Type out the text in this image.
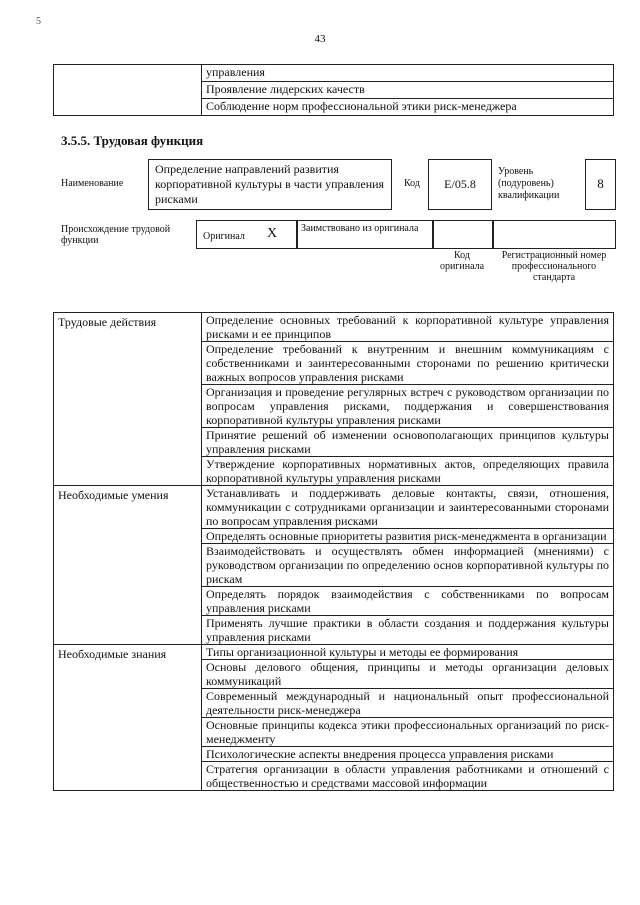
5
43
	управления
Проявление лидерских качеств
Соблюдение норм профессиональной этики риск-менеджера
3.5.5. Трудовая функция
Наименование
Определение направлений развития корпоративной культуры в части управления рисками
Код	E/05.8
Уровень (подуровень) квалификации
8
Происхождение трудовой функции	Оригинал X Заимствовано из оригинала
Код оригинала
Регистрационный номер профессионального стандарта
Трудовые действия	Определение основных требований к корпоративной культуре управления рисками и ее принципов
	Определение требований к внутренним и внешним коммуникациям с собственниками и заинтересованными сторонами по решению критически важных вопросов управления рисками
	Организация и проведение регулярных встреч с руководством организации по вопросам управления рисками, поддержания и совершенствования корпоративной культуры управления рисками
	Принятие решений об изменении основополагающих принципов культуры управления рисками
	Утверждение корпоративных нормативных актов, определяющих правила корпоративной культуры управления рисками
Необходимые умения	Устанавливать и поддерживать деловые контакты, связи, отношения, коммуникации с сотрудниками организации и заинтересованными сторонами по вопросам управления рисками
	Определять основные приоритеты развития риск-менеджмента в организации
	Взаимодействовать и осуществлять обмен информацией (мнениями) с руководством организации по определению основ корпоративной культуры по рискам
	Определять порядок взаимодействия с собственниками по вопросам управления рисками
	Применять лучшие практики в области создания и поддержания культуры управления рисками
Необходимые знания	Типы организационной культуры и методы ее формирования
	Основы делового общения, принципы и методы организации деловых коммуникаций
	Современный международный и национальный опыт профессиональной деятельности риск-менеджера
	Основные принципы кодекса этики профессиональных организаций по риск-менеджменту
	Психологические аспекты внедрения процесса управления рисками
	Стратегия организации в области управления работниками и отношений с общественностью и средствами массовой информации
